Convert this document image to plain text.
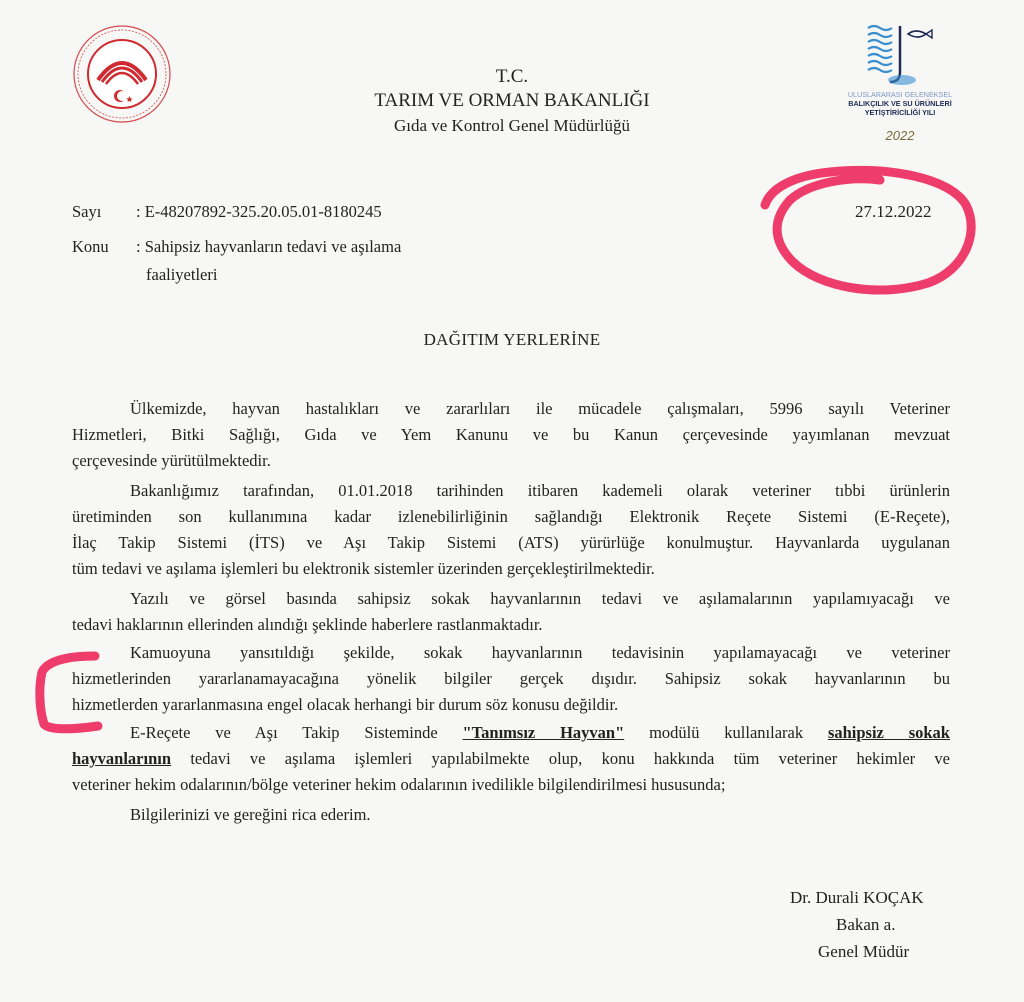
ULUSLARARASI GELENEKSEL
BALIKÇILIK VE SU ÜRÜNLERİ
YETİŞTİRİCİLİĞİ YILI
2022
T.C.
TARIM VE ORMAN BAKANLIĞI
Gıda ve Kontrol Genel Müdürlüğü
Sayı : E-48207892-325.20.05.01-8180245
Konu : Sahipsiz hayvanların tedavi ve aşılama
faaliyetleri
27.12.2022
DAĞITIM YERLERİNE
Ülkemizde, hayvan hastalıkları ve zararlıları ile mücadele çalışmaları, 5996 sayılı Veteriner
Hizmetleri, Bitki Sağlığı, Gıda ve Yem Kanunu ve bu Kanun çerçevesinde yayımlanan mevzuat
çerçevesinde yürütülmektedir.
Bakanlığımız tarafından, 01.01.2018 tarihinden itibaren kademeli olarak veteriner tıbbi ürünlerin
üretiminden son kullanımına kadar izlenebilirliğinin sağlandığı Elektronik Reçete Sistemi (E-Reçete),
İlaç Takip Sistemi (İTS) ve Aşı Takip Sistemi (ATS) yürürlüğe konulmuştur. Hayvanlarda uygulanan
tüm tedavi ve aşılama işlemleri bu elektronik sistemler üzerinden gerçekleştirilmektedir.
Yazılı ve görsel basında sahipsiz sokak hayvanlarının tedavi ve aşılamalarının yapılamıyacağı ve
tedavi haklarının ellerinden alındığı şeklinde haberlere rastlanmaktadır.
Kamuoyuna yansıtıldığı şekilde, sokak hayvanlarının tedavisinin yapılamayacağı ve veteriner
hizmetlerinden yararlanamayacağına yönelik bilgiler gerçek dışıdır. Sahipsiz sokak hayvanlarının bu
hizmetlerden yararlanmasına engel olacak herhangi bir durum söz konusu değildir.
E-Reçete ve Aşı Takip Sisteminde "Tanımsız Hayvan" modülü kullanılarak sahipsiz sokak
hayvanlarının tedavi ve aşılama işlemleri yapılabilmekte olup, konu hakkında tüm veteriner hekimler ve
veteriner hekim odalarının/bölge veteriner hekim odalarının ivedilikle bilgilendirilmesi hususunda;
Bilgilerinizi ve gereğini rica ederim.
Dr. Durali KOÇAK
Bakan a.
Genel Müdür
